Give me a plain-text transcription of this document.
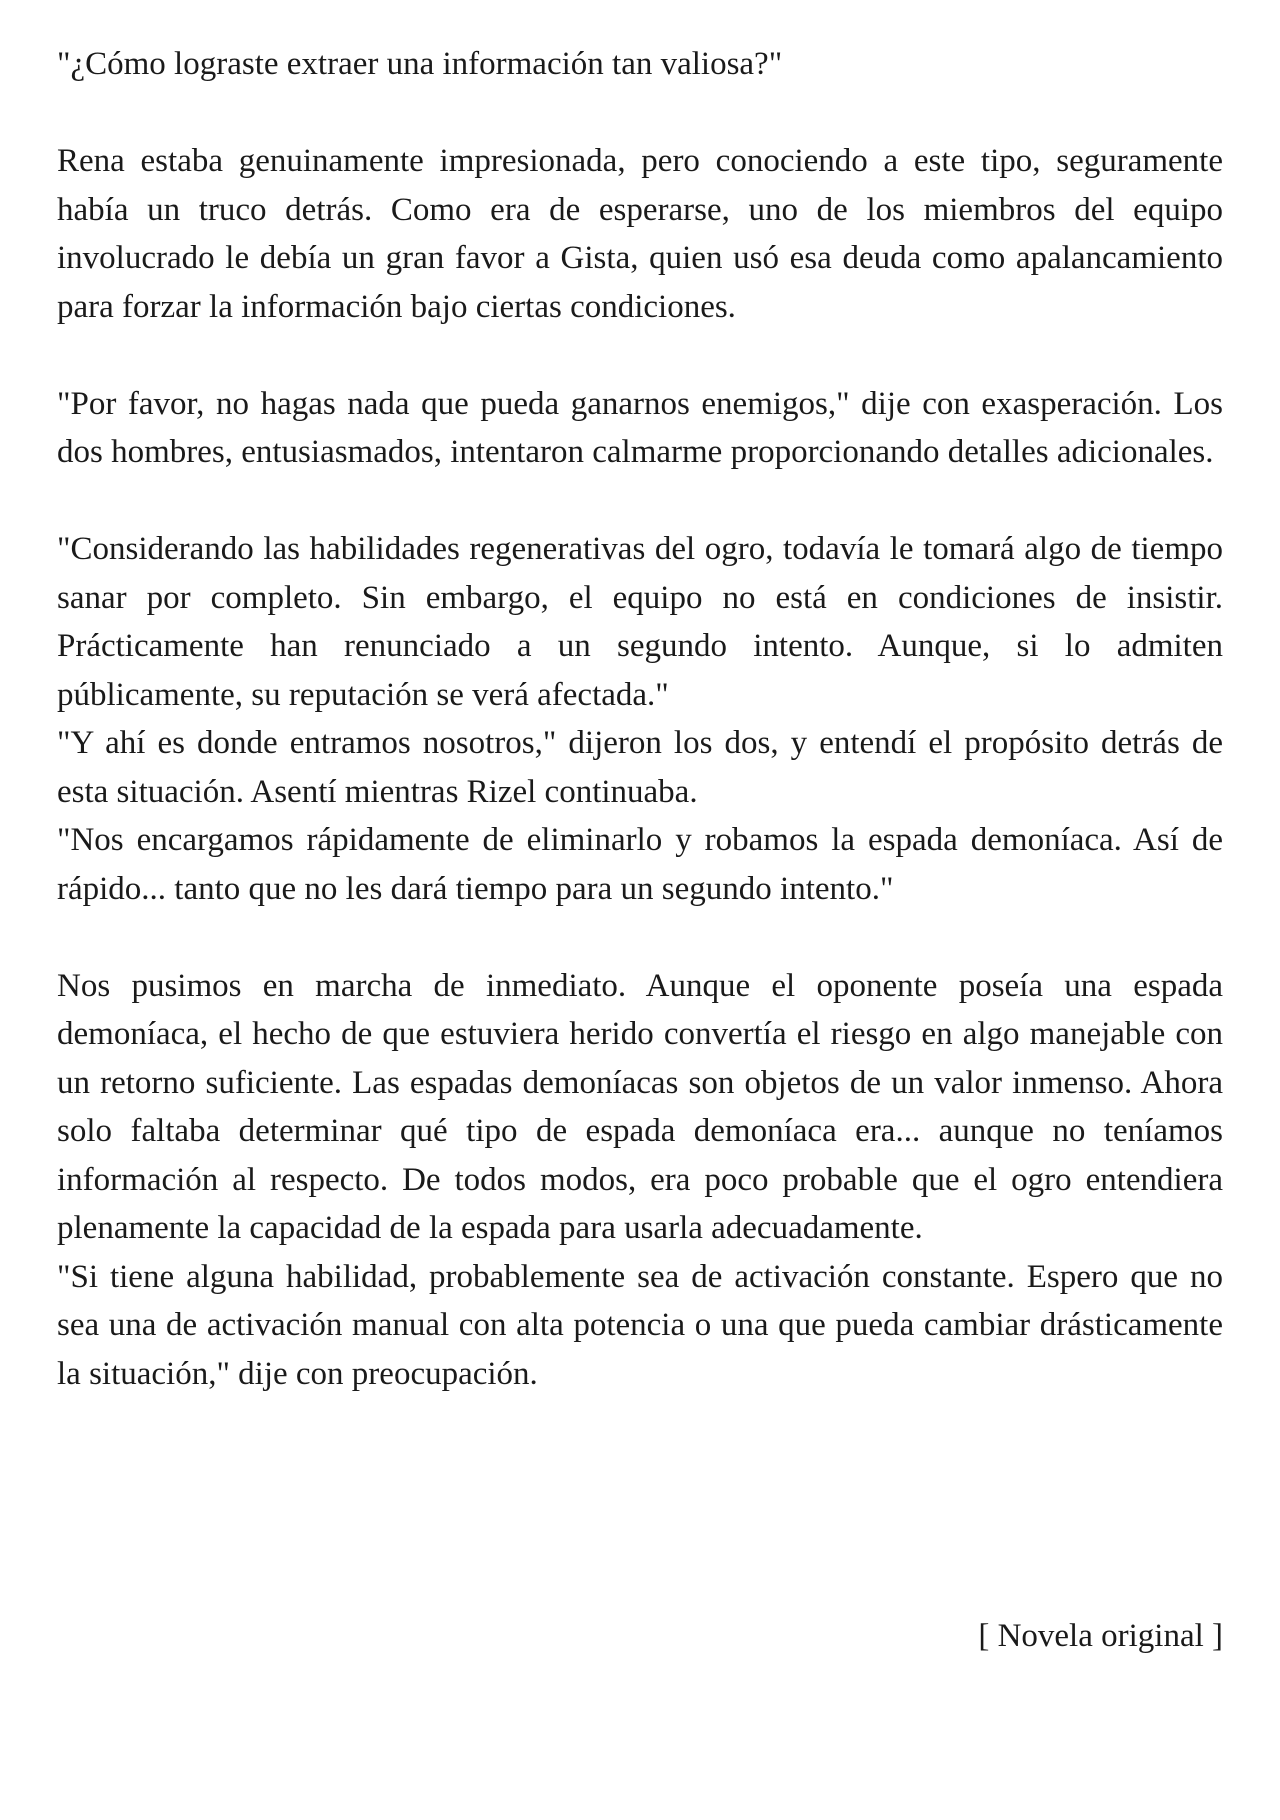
"¿Cómo lograste extraer una información tan valiosa?"

Rena estaba genuinamente impresionada, pero conociendo a este tipo, seguramente había un truco detrás. Como era de esperarse, uno de los miembros del equipo involucrado le debía un gran favor a Gista, quien usó esa deuda como apalancamiento para forzar la información bajo ciertas condiciones.

"Por favor, no hagas nada que pueda ganarnos enemigos," dije con exasperación. Los dos hombres, entusiasmados, intentaron calmarme proporcionando detalles adicionales.

"Considerando las habilidades regenerativas del ogro, todavía le tomará algo de tiempo sanar por completo. Sin embargo, el equipo no está en condiciones de insistir. Prácticamente han renunciado a un segundo intento. Aunque, si lo admiten públicamente, su reputación se verá afectada."

"Y ahí es donde entramos nosotros," dijeron los dos, y entendí el propósito detrás de esta situación. Asentí mientras Rizel continuaba.

"Nos encargamos rápidamente de eliminarlo y robamos la espada demoníaca. Así de rápido... tanto que no les dará tiempo para un segundo intento."

Nos pusimos en marcha de inmediato. Aunque el oponente poseía una espada demoníaca, el hecho de que estuviera herido convertía el riesgo en algo manejable con un retorno suficiente. Las espadas demoníacas son objetos de un valor inmenso. Ahora solo faltaba determinar qué tipo de espada demoníaca era... aunque no teníamos información al respecto. De todos modos, era poco probable que el ogro entendiera plenamente la capacidad de la espada para usarla adecuadamente.

"Si tiene alguna habilidad, probablemente sea de activación constante. Espero que no sea una de activación manual con alta potencia o una que pueda cambiar drásticamente la situación," dije con preocupación.

[ Novela original ]
